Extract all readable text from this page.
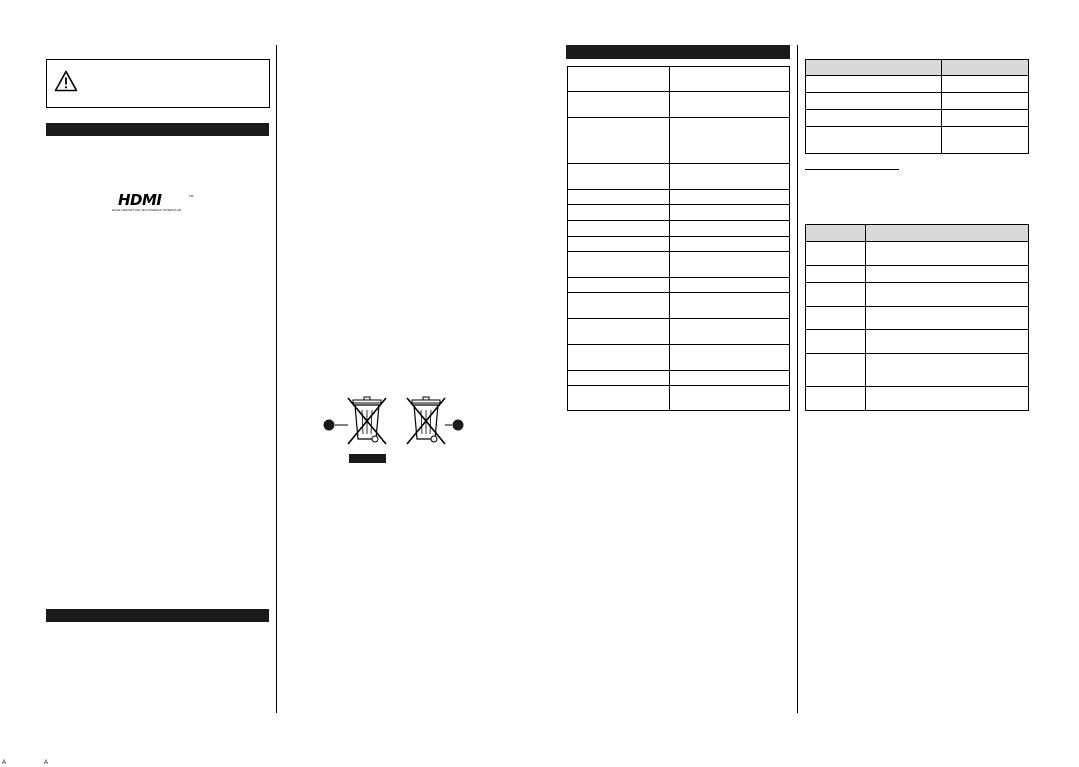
HDMI	TM
HIGH-DEFINITION MULTIMEDIA INTERFACE

A	A
